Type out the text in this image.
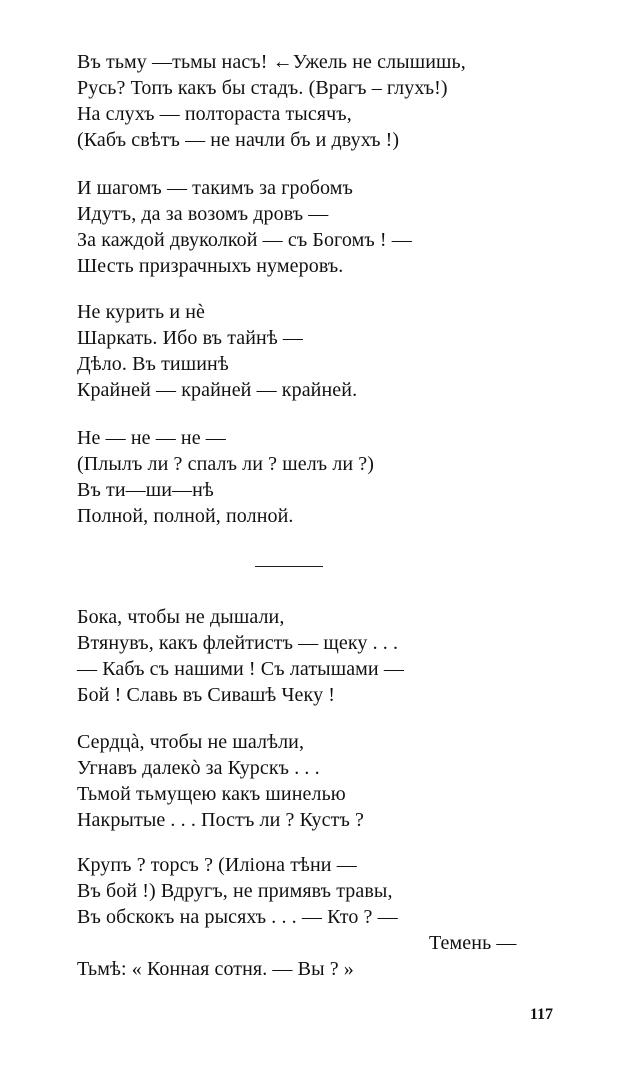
Въ тьму —тьмы насъ! ←Ужель не слышишь,
Русь? Топъ какъ бы стадъ. (Врагъ – глухъ!)
На слухъ — полтораста тысячъ,
(Кабъ свѣтъ — не начли бъ и двухъ !)
И шагомъ — такимъ за гробомъ
Идутъ, да за возомъ дровъ —
За каждой двуколкой — съ Богомъ ! —
Шесть призрачныхъ нумеровъ.
Не курить и нѐ
Шаркать. Ибо въ тайнѣ —
Дѣло. Въ тишинѣ
Крайней — крайней — крайней.
Не — не — не —
(Плылъ ли ? спалъ ли ? шелъ ли ?)
Въ ти—ши—нѣ
Полной, полной, полной.
Бока, чтобы не дышали,
Втянувъ, какъ флейтистъ — щеку . . .
— Кабъ съ нашими ! Съ латышами —
Бой ! Славь въ Сивашѣ Чеку !
Сердцà, чтобы не шалѣли,
Угнавъ далекò за Курскъ . . .
Тьмой тьмущею какъ шинелью
Накрытые . . . Постъ ли ? Кустъ ?
Крупъ ? торсъ ? (Иліона тѣни —
Въ бой !) Вдругъ, не примявъ травы,
Въ обскокъ на рысяхъ . . . — Кто ? —
Темень —
Тьмѣ: « Конная сотня. — Вы ? »
117
